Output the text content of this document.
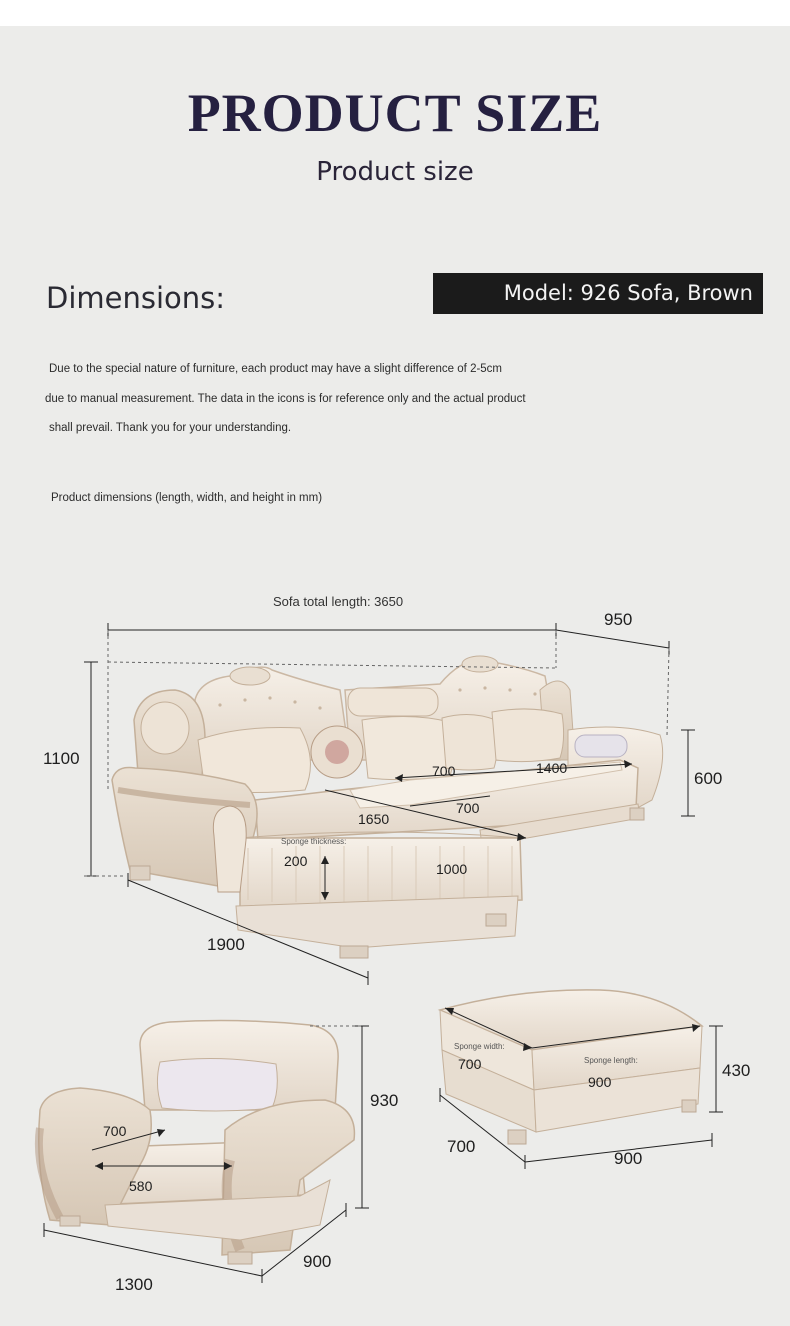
PRODUCT SIZE
Product size
Dimensions:	Model: 926 Sofa, Brown
Due to the special nature of furniture, each product may have a slight difference of 2-5cm
due to manual measurement. The data in the icons is for reference only and the actual product
shall prevail. Thank you for your understanding.
Product dimensions (length, width, and height in mm)
Sofa total length: 3650
950
1100
600
1400
700
700
1650
Sponge thickness:
200	1000
1900
930
700
580
1300
900
Sponge width:
700	Sponge length:
900
430
700
900
